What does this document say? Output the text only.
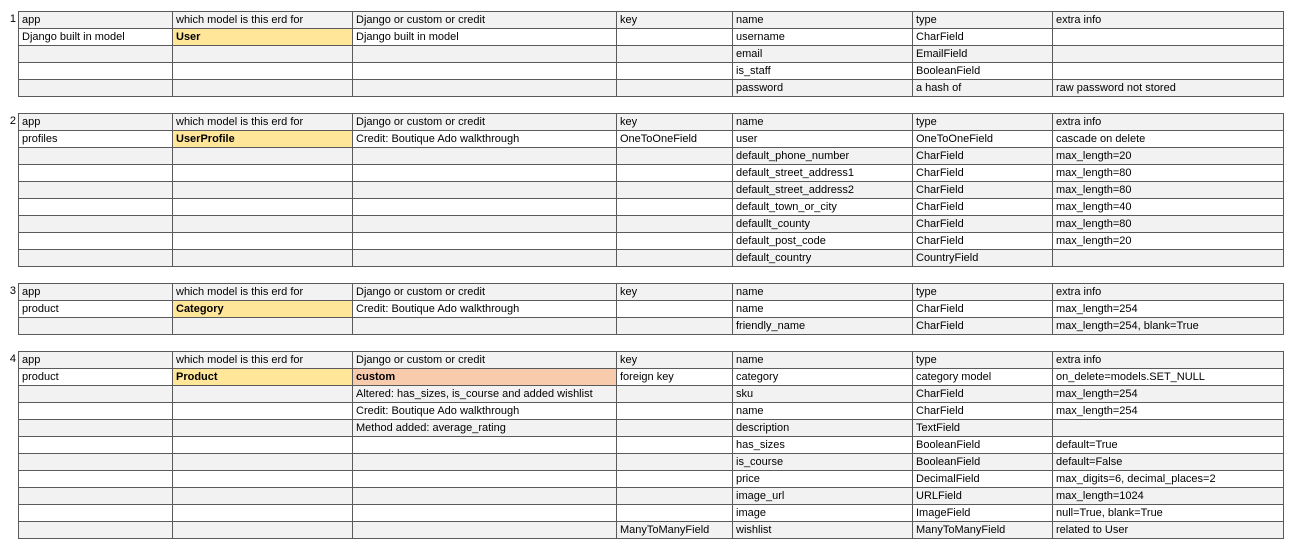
1 app	which model is this erd for	Django or custom or credit	key	name	type	extra info
Django built in model	User	Django built in model		username	CharField	
				email	EmailField	
				is_staff	BooleanField	
				password	a hash of	raw password not stored
2 app	which model is this erd for	Django or custom or credit	key	name	type	extra info
profiles	UserProfile	Credit: Boutique Ado walkthrough	OneToOneField	user	OneToOneField	cascade on delete
				default_phone_number	CharField	max_length=20
				default_street_address1	CharField	max_length=80
				default_street_address2	CharField	max_length=80
				default_town_or_city	CharField	max_length=40
				defaullt_county	CharField	max_length=80
				default_post_code	CharField	max_length=20
				default_country	CountryField	
3 app	which model is this erd for	Django or custom or credit	key	name	type	extra info
product	Category	Credit: Boutique Ado walkthrough		name	CharField	max_length=254
				friendly_name	CharField	max_length=254, blank=True
4 app	which model is this erd for	Django or custom or credit	key	name	type	extra info
product	Product	custom	foreign key	category	category model	on_delete=models.SET_NULL
		Altered: has_sizes, is_course and added wishlist		sku	CharField	max_length=254
		Credit: Boutique Ado walkthrough		name	CharField	max_length=254
		Method added: average_rating		description	TextField	
				has_sizes	BooleanField	default=True
				is_course	BooleanField	default=False
				price	DecimalField	max_digits=6, decimal_places=2
				image_url	URLField	max_length=1024
				image	ImageField	null=True, blank=True
			ManyToManyField	wishlist	ManyToManyField	related to User
